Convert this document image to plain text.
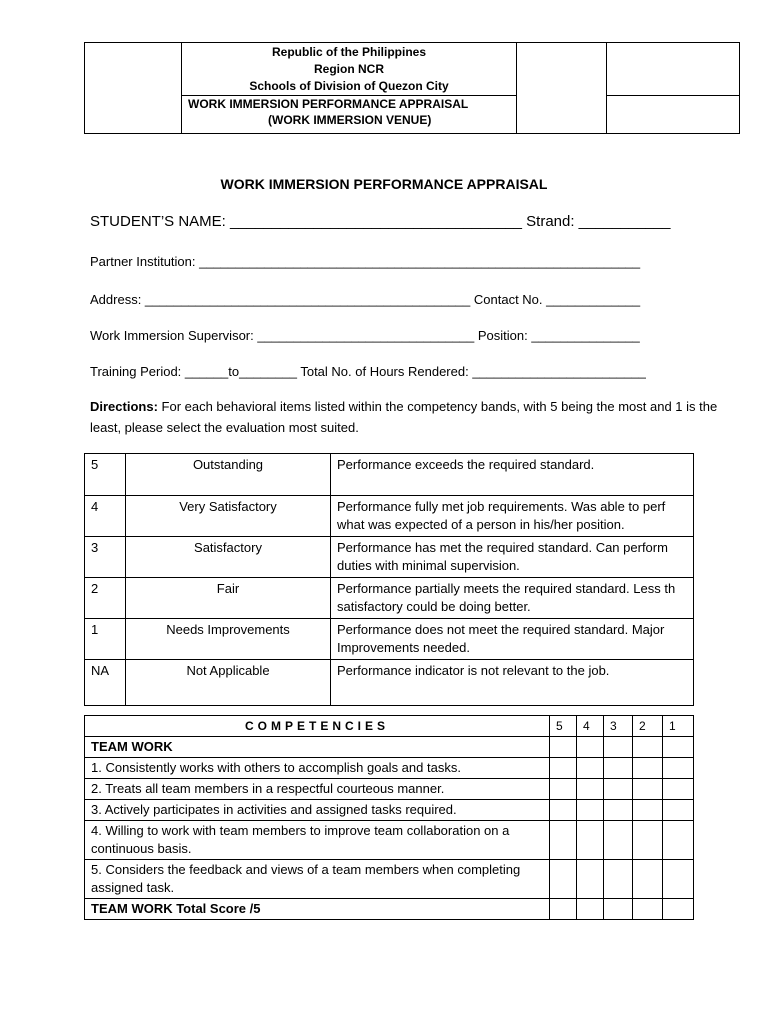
Republic of the Philippines
Region NCR
Schools of Division of Quezon City
WORK IMMERSION PERFORMANCE APPRAISAL
(WORK IMMERSION VENUE)
WORK IMMERSION PERFORMANCE APPRAISAL
STUDENT’S NAME: ___________________________________ Strand: ___________
Partner Institution: _____________________________________________________________
Address: _____________________________________________ Contact No. _____________
Work Immersion Supervisor: ______________________________ Position: _______________
Training Period: ______to________ Total No. of Hours Rendered: ________________________
Directions: For each behavioral items listed within the competency bands, with 5 being the most and 1 is the least, please select the evaluation most suited.
5	Outstanding	Performance exceeds the required standard.

4	Very Satisfactory	Performance fully met job requirements. Was able to perf
what was expected of a person in his/her position.

3	Satisfactory	Performance has met the required standard. Can perform
duties with minimal supervision.

2	Fair	Performance partially meets the required standard. Less th
satisfactory could be doing better.

1	Needs Improvements	Performance does not meet the required standard. Major
Improvements needed.

NA	Not Applicable	Performance indicator is not relevant to the job.
COMPETENCIES	5	4	3	2	1
TEAM WORK					
1. Consistently works with others to accomplish goals and tasks.					
2. Treats all team members in a respectful courteous manner.					
3. Actively participates in activities and assigned tasks required.					
4. Willing to work with team members to improve team collaboration on a continuous basis.					
5. Considers the feedback and views of a team members when completing assigned task.					
TEAM WORK Total Score /5					
